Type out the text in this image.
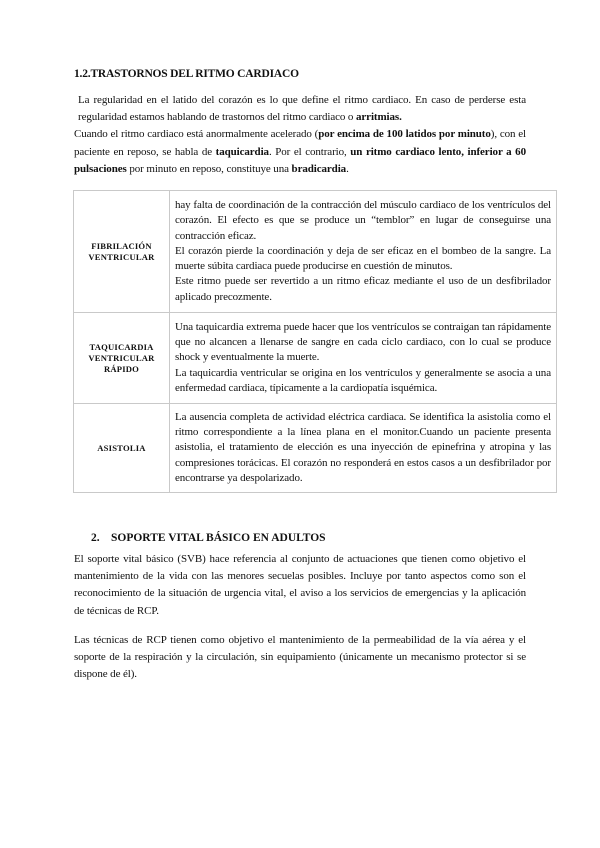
1.2.TRASTORNOS DEL RITMO CARDIACO

La regularidad en el latido del corazón es lo que define el ritmo cardiaco. En caso de perderse esta regularidad estamos hablando de trastornos del ritmo cardiaco o arritmias.

Cuando el ritmo cardiaco está anormalmente acelerado (por encima de 100 latidos por minuto), con el paciente en reposo, se habla de taquicardia. Por el contrario, un ritmo cardiaco lento, inferior a 60 pulsaciones por minuto en reposo, constituye una bradicardia.

FIBRILACIÓN VENTRICULAR	hay falta de coordinación de la contracción del músculo cardiaco de los ventrículos del corazón. El efecto es que se produce un “temblor” en lugar de conseguirse una contracción eficaz.

El corazón pierde la coordinación y deja de ser eficaz en el bombeo de la sangre. La muerte súbita cardiaca puede producirse en cuestión de minutos.

Este ritmo puede ser revertido a un ritmo eficaz mediante el uso de un desfibrilador aplicado precozmente.

TAQUICARDIA VENTRICULAR RÁPIDO	Una taquicardia extrema puede hacer que los ventrículos se contraigan tan rápidamente que no alcancen a llenarse de sangre en cada ciclo cardiaco, con lo cual se produce shock y eventualmente la muerte.

La taquicardia ventricular se origina en los ventrículos y generalmente se asocia a una enfermedad cardiaca, típicamente a la cardiopatía isquémica.

ASISTOLIA	La ausencia completa de actividad eléctrica cardiaca. Se identifica la asistolia como el ritmo correspondiente a la línea plana en el monitor.Cuando un paciente presenta asistolia, el tratamiento de elección es una inyección de epinefrina y atropina y las compresiones torácicas. El corazón no responderá en estos casos a un desfibrilador por encontrarse ya despolarizado.

2. SOPORTE VITAL BÁSICO EN ADULTOS

El soporte vital básico (SVB) hace referencia al conjunto de actuaciones que tienen como objetivo el mantenimiento de la vida con las menores secuelas posibles. Incluye por tanto aspectos como son el reconocimiento de la situación de urgencia vital, el aviso a los servicios de emergencias y la aplicación de técnicas de RCP.

Las técnicas de RCP tienen como objetivo el mantenimiento de la permeabilidad de la vía aérea y el soporte de la respiración y la circulación, sin equipamiento (únicamente un mecanismo protector si se dispone de él).
